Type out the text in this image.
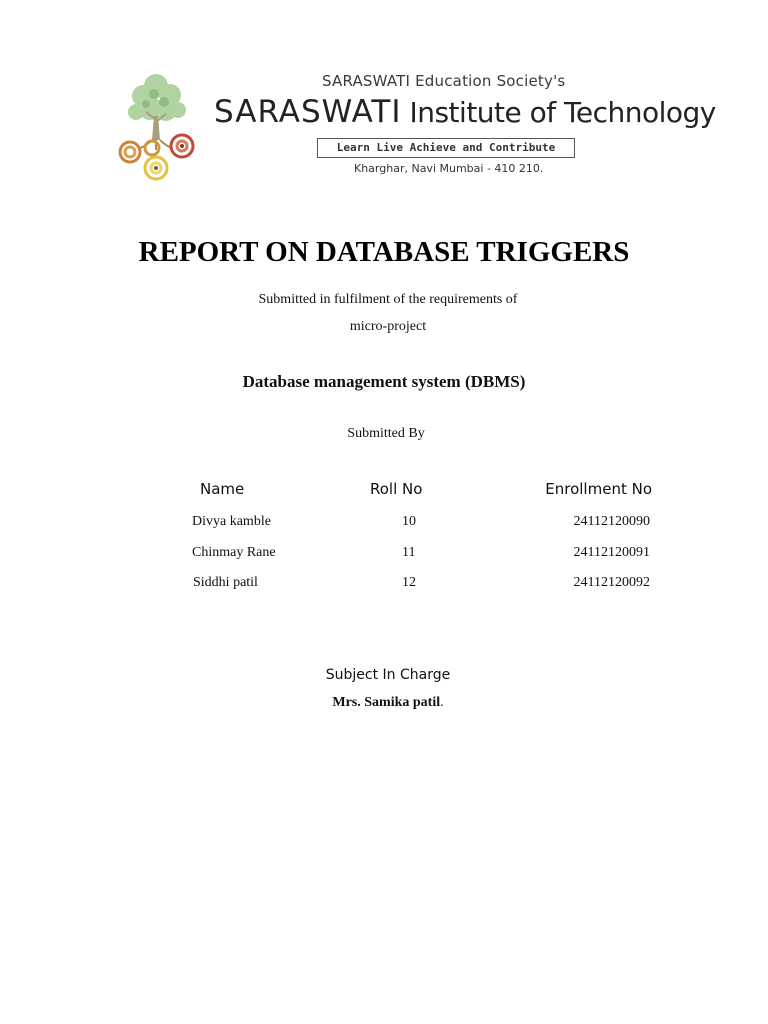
SARASWATI Education Society's
SARASWATI Institute of Technology
Learn Live Achieve and Contribute
Kharghar, Navi Mumbai - 410 210.
REPORT ON DATABASE TRIGGERS
Submitted in fulfilment of the requirements of
micro-project
Database management system (DBMS)
Submitted By
Name	Roll No	Enrollment No
Divya kamble	10	24112120090
Chinmay Rane	11	24112120091
Siddhi patil	12	24112120092
Subject In Charge
Mrs. Samika patil.
